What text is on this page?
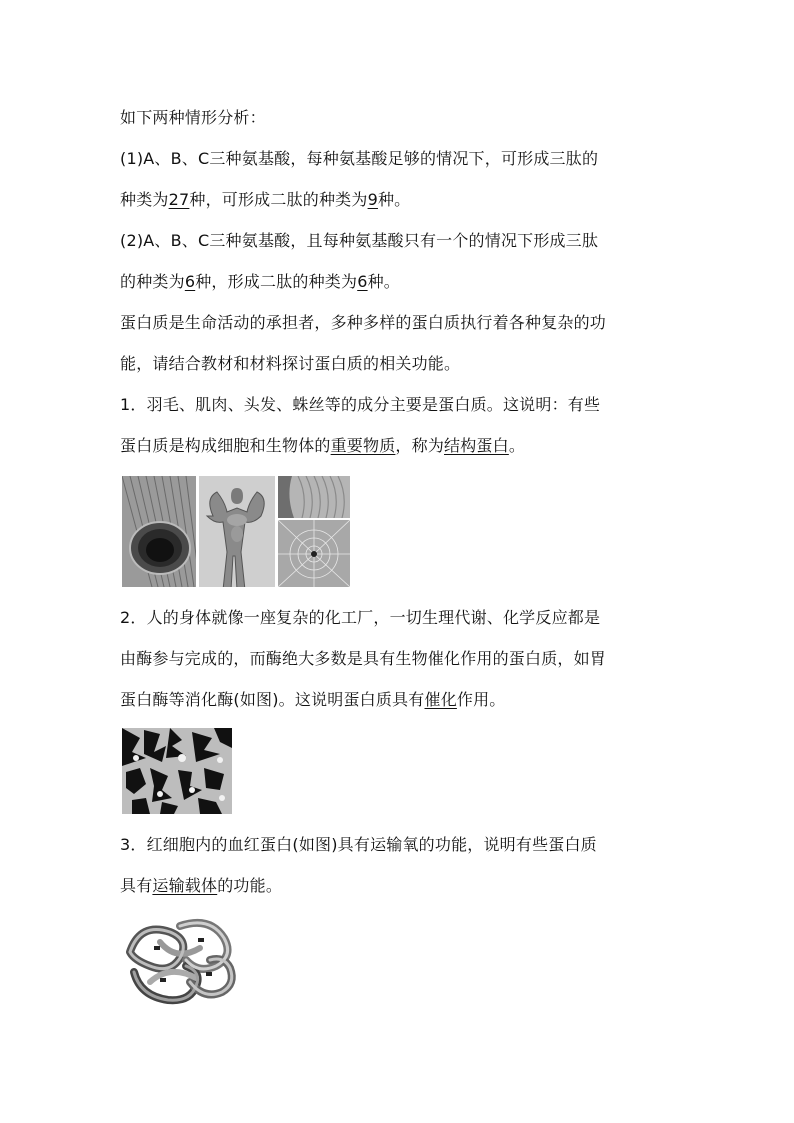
如下两种情形分析：
(1)A、B、C三种氨基酸，每种氨基酸足够的情况下，可形成三肽的
种类为27种，可形成二肽的种类为9种。
(2)A、B、C三种氨基酸，且每种氨基酸只有一个的情况下形成三肽
的种类为6种，形成二肽的种类为6种。
蛋白质是生命活动的承担者，多种多样的蛋白质执行着各种复杂的功
能，请结合教材和材料探讨蛋白质的相关功能。
1．羽毛、肌肉、头发、蛛丝等的成分主要是蛋白质。这说明：有些
蛋白质是构成细胞和生物体的重要物质，称为结构蛋白。
2．人的身体就像一座复杂的化工厂，一切生理代谢、化学反应都是
由酶参与完成的，而酶绝大多数是具有生物催化作用的蛋白质，如胃
蛋白酶等消化酶(如图)。这说明蛋白质具有催化作用。
3．红细胞内的血红蛋白(如图)具有运输氧的功能，说明有些蛋白质
具有运输载体的功能。
